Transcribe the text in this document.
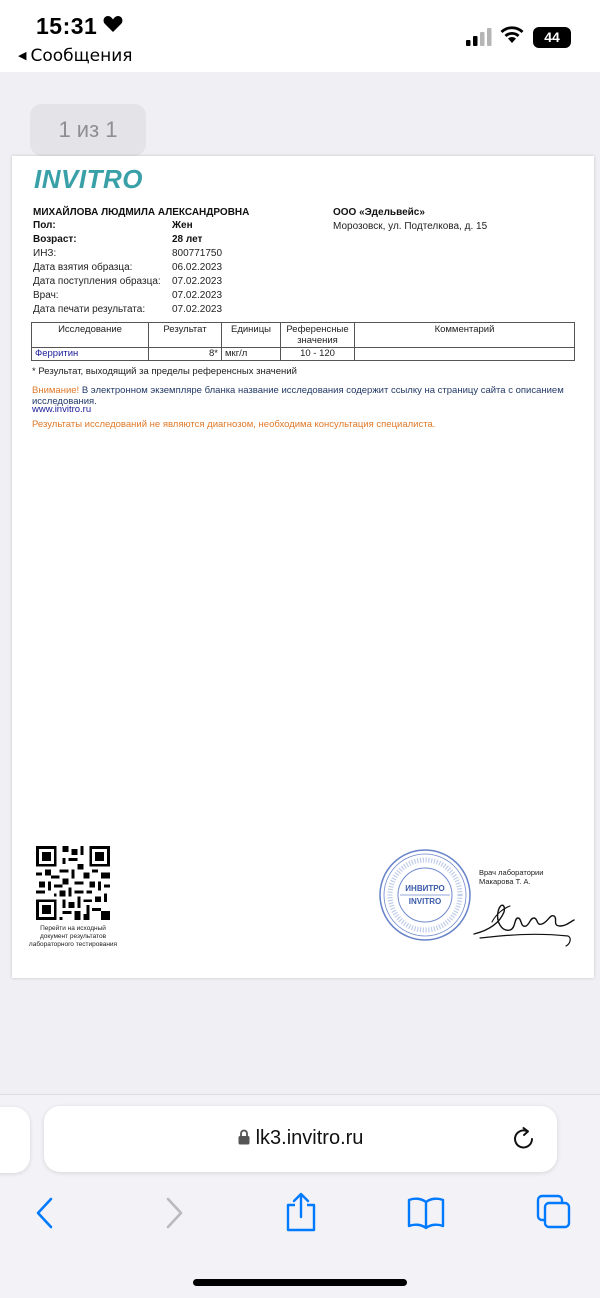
15:31
◀ Сообщения
44
1 из 1
INVITRO
МИХАЙЛОВА ЛЮДМИЛА АЛЕКСАНДРОВНА	ООО «Эдельвейс»
Морозовск, ул. Подтелкова, д. 15
Пол:	Жен
Возраст:	28 лет
ИНЗ:	800771750
Дата взятия образца:	06.02.2023
Дата поступления образца:	07.02.2023
Врач:	07.02.2023
Дата печати результата:	07.02.2023
Исследование	Результат	Единицы	Референсные значения	Комментарий
Ферритин	8*	мкг/л	10 - 120	
* Результат, выходящий за пределы референсных значений
Внимание! В электронном экземпляре бланка название исследования содержит ссылку на страницу сайта с описанием исследования.
www.invitro.ru
Результаты исследований не являются диагнозом, необходима консультация специалиста.
Перейти на исходный документ результатов лабораторного тестирования
ИНВИТРО
INVITRO
Врач лаборатории
Макарова Т. А.
lk3.invitro.ru
